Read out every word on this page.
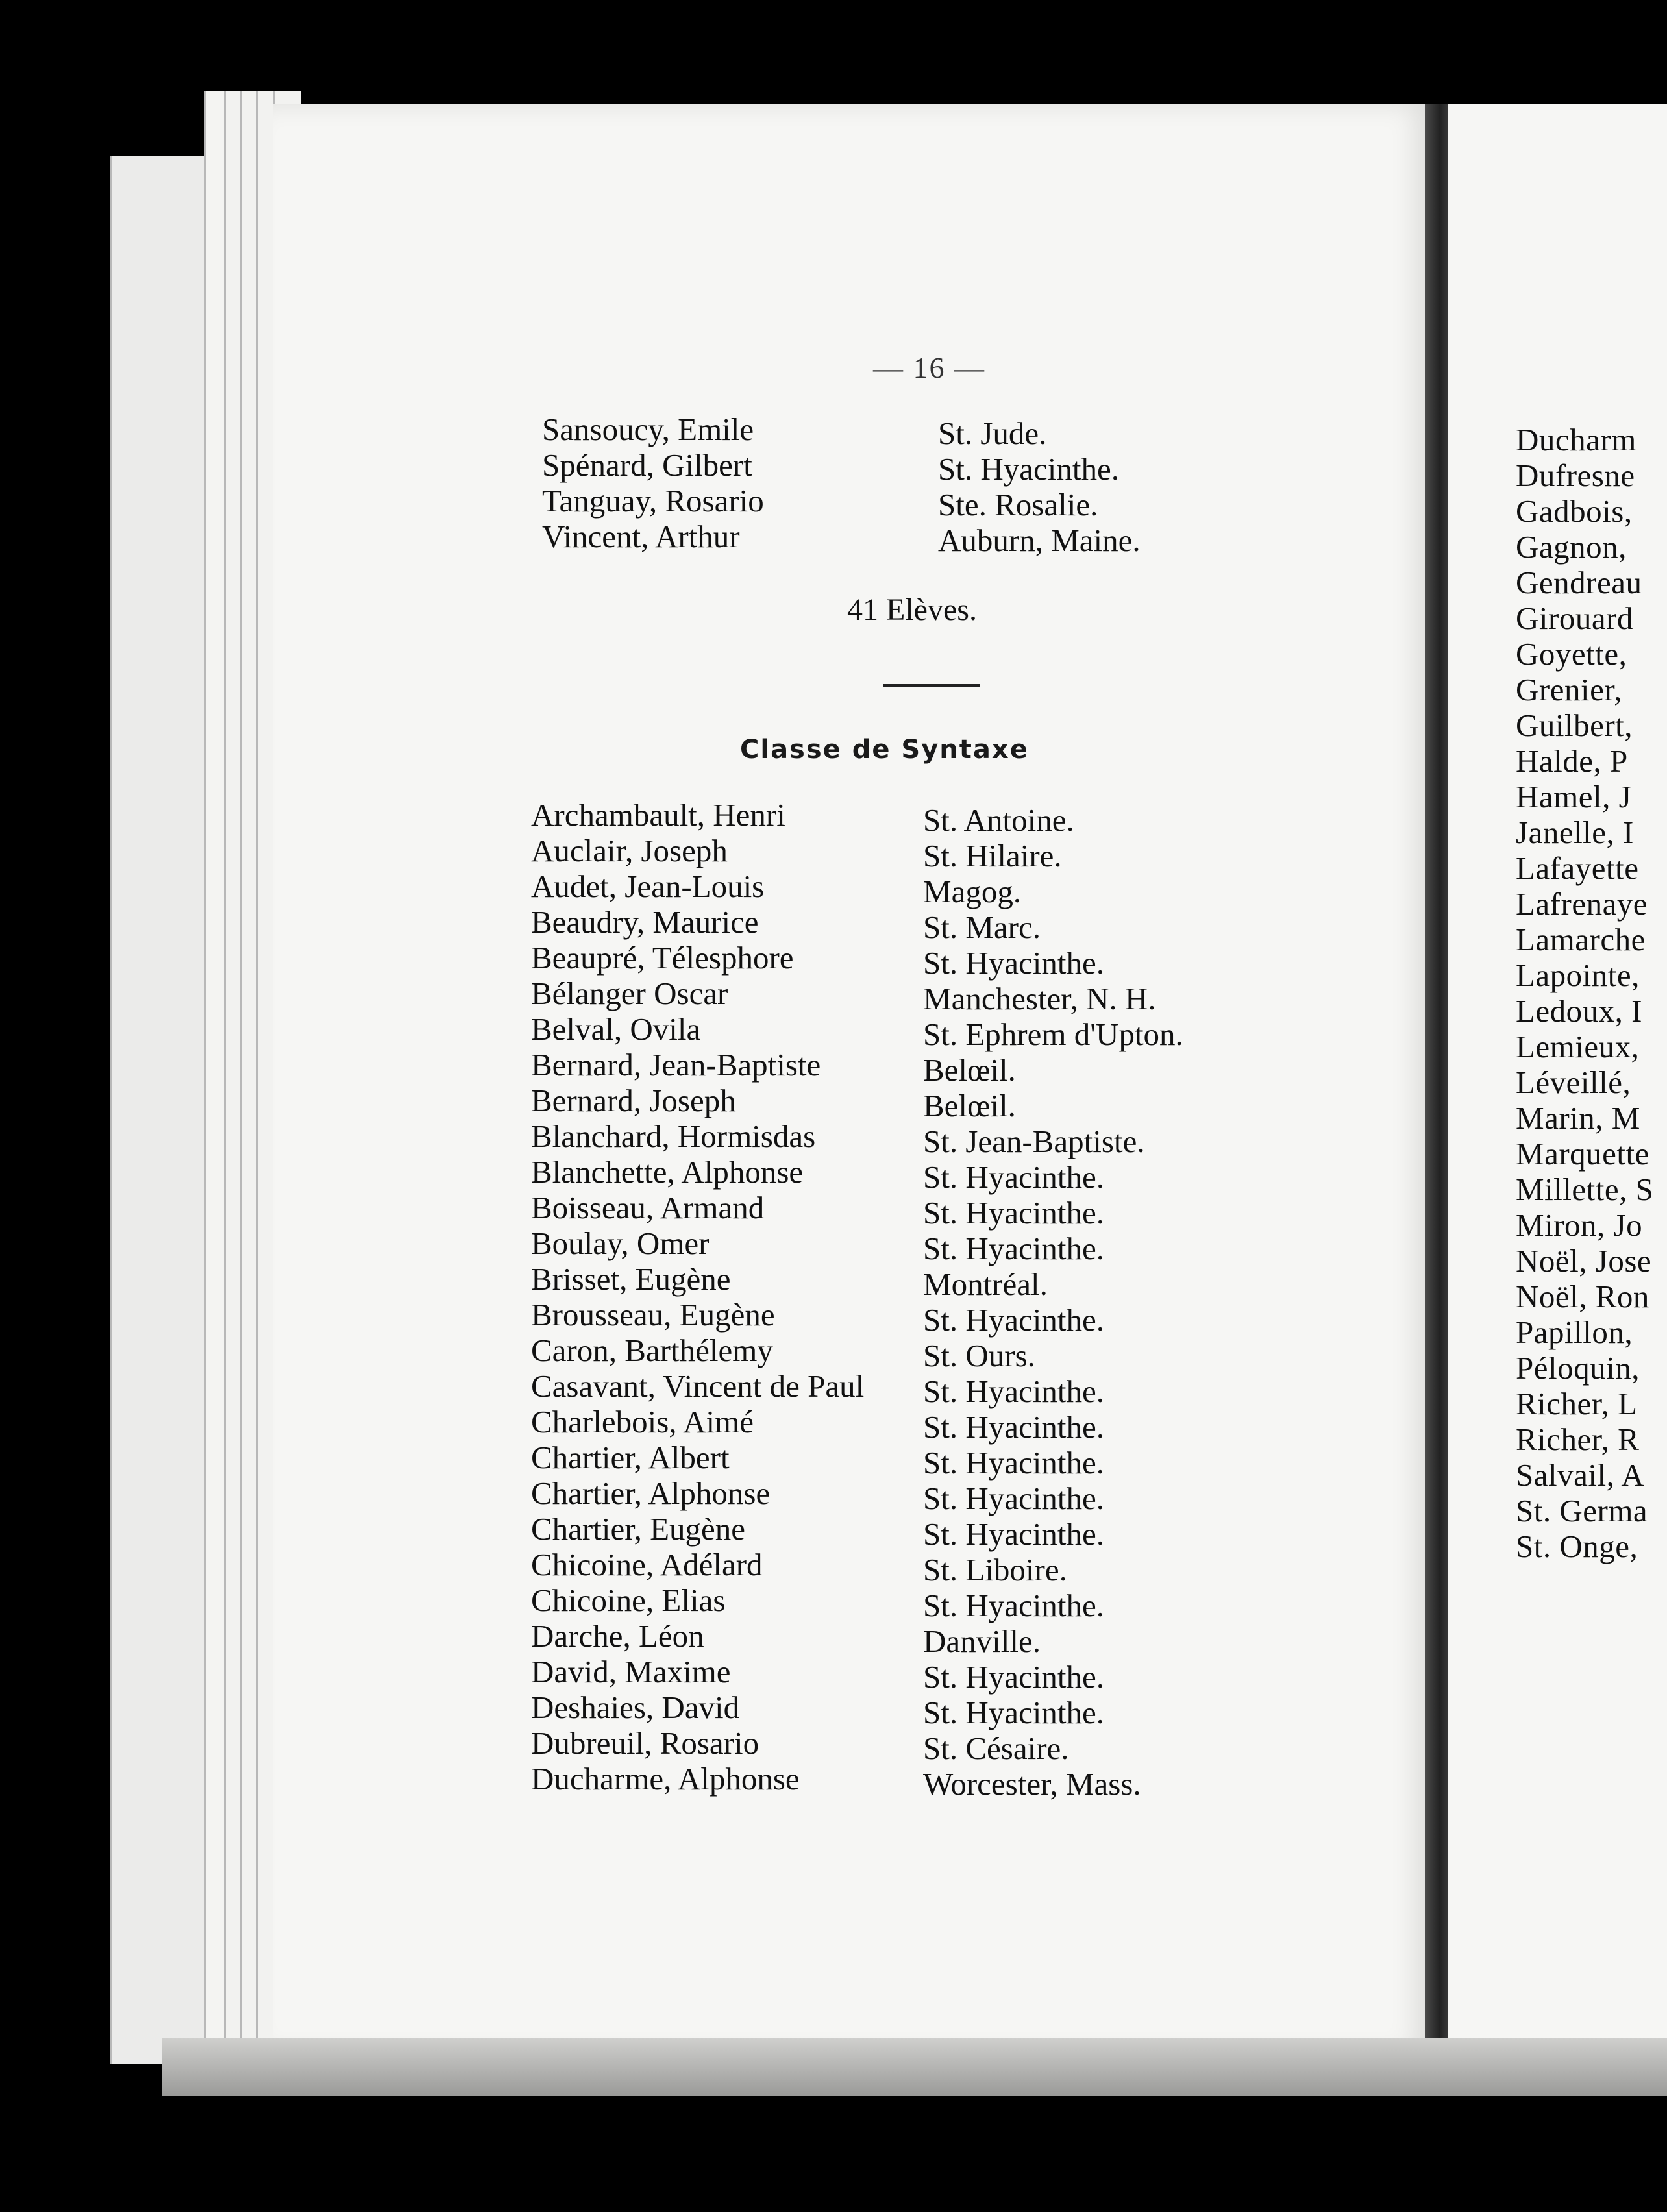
— 16 —
Sansoucy, Emile
Spénard, Gilbert
Tanguay, Rosario
Vincent, Arthur
St. Jude.
St. Hyacinthe.
Ste. Rosalie.
Auburn, Maine.
41 Elèves.
Classe de Syntaxe
Archambault, Henri
Auclair, Joseph
Audet, Jean-Louis
Beaudry, Maurice
Beaupré, Télesphore
Bélanger Oscar
Belval, Ovila
Bernard, Jean-Baptiste
Bernard, Joseph
Blanchard, Hormisdas
Blanchette, Alphonse
Boisseau, Armand
Boulay, Omer
Brisset, Eugène
Brousseau, Eugène
Caron, Barthélemy
Casavant, Vincent de Paul
Charlebois, Aimé
Chartier, Albert
Chartier, Alphonse
Chartier, Eugène
Chicoine, Adélard
Chicoine, Elias
Darche, Léon
David, Maxime
Deshaies, David
Dubreuil, Rosario
Ducharme, Alphonse
St. Antoine.
St. Hilaire.
Magog.
St. Marc.
St. Hyacinthe.
Manchester, N. H.
St. Ephrem d'Upton.
Belœil.
Belœil.
St. Jean-Baptiste.
St. Hyacinthe.
St. Hyacinthe.
St. Hyacinthe.
Montréal.
St. Hyacinthe.
St. Ours.
St. Hyacinthe.
St. Hyacinthe.
St. Hyacinthe.
St. Hyacinthe.
St. Hyacinthe.
St. Liboire.
St. Hyacinthe.
Danville.
St. Hyacinthe.
St. Hyacinthe.
St. Césaire.
Worcester, Mass.
Ducharm
Dufresne
Gadbois,
Gagnon,
Gendreau
Girouard
Goyette,
Grenier,
Guilbert,
Halde, P
Hamel, J
Janelle, I
Lafayette
Lafrenaye
Lamarche
Lapointe,
Ledoux, I
Lemieux,
Léveillé,
Marin, M
Marquette
Millette, S
Miron, Jo
Noël, Jose
Noël, Ron
Papillon,
Péloquin,
Richer, L
Richer, R
Salvail, A
St. Germa
St. Onge,
